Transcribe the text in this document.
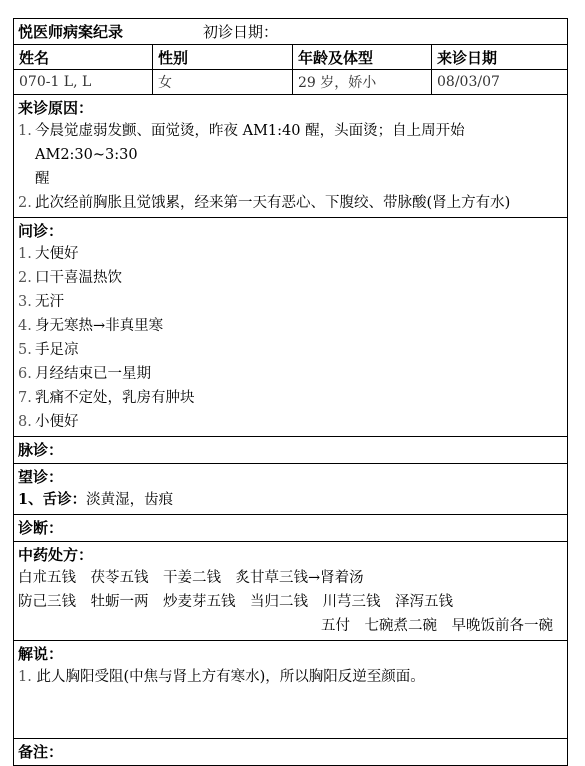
悦医师病案纪录	初诊日期：
姓名	性别	年龄及体型	来诊日期
070-1 L, L	女	29 岁，娇小	08/03/07
来诊原因：
1. 今晨觉虚弱发颤、面觉烫，昨夜 AM1:40 醒，头面烫；自上周开始 AM2:30~3:30
醒
2. 此次经前胸胀且觉饿累，经来第一天有恶心、下腹绞、带脉酸(肾上方有水)
问诊：
1. 大便好
2. 口干喜温热饮
3. 无汗
4. 身无寒热→非真里寒
5. 手足凉
6. 月经结束已一星期
7. 乳痛不定处，乳房有肿块
8. 小便好
脉诊：
望诊：
1、舌诊：淡黄湿，齿痕
诊断：
中药处方：
白朮五钱　茯苓五钱　干姜二钱　炙甘草三钱→肾着汤
防己三钱　牡蛎一两　炒麦芽五钱　当归二钱　川芎三钱　泽泻五钱
五付　七碗煮二碗　早晚饭前各一碗
解说：
1. 此人胸阳受阻(中焦与肾上方有寒水)，所以胸阳反逆至颜面。
备注：
